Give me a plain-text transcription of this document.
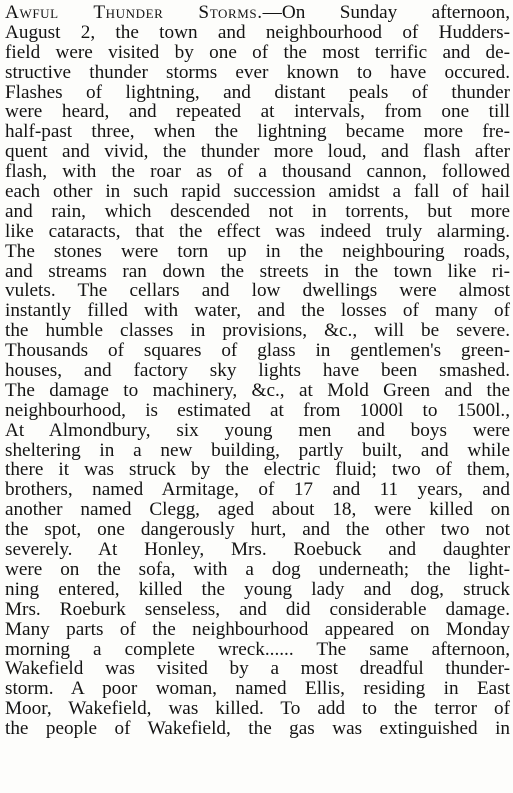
Awful Thunder Storms.—On Sunday afternoon,
August 2, the town and neighbourhood of Hudders-
field were visited by one of the most terrific and de-
structive thunder storms ever known to have occured.
Flashes of lightning, and distant peals of thunder
were heard, and repeated at intervals, from one till
half-past three, when the lightning became more fre-
quent and vivid, the thunder more loud, and flash after
flash, with the roar as of a thousand cannon, followed
each other in such rapid succession amidst a fall of hail
and rain, which descended not in torrents, but more
like cataracts, that the effect was indeed truly alarming.
The stones were torn up in the neighbouring roads,
and streams ran down the streets in the town like ri-
vulets. The cellars and low dwellings were almost
instantly filled with water, and the losses of many of
the humble classes in provisions, &c., will be severe.
Thousands of squares of glass in gentlemen's green-
houses, and factory sky lights have been smashed.
The damage to machinery, &c., at Mold Green and the
neighbourhood, is estimated at from 1000l to 1500l.,
At Almondbury, six young men and boys were
sheltering in a new building, partly built, and while
there it was struck by the electric fluid; two of them,
brothers, named Armitage, of 17 and 11 years, and
another named Clegg, aged about 18, were killed on
the spot, one dangerously hurt, and the other two not
severely. At Honley, Mrs. Roebuck and daughter
were on the sofa, with a dog underneath; the light-
ning entered, killed the young lady and dog, struck
Mrs. Roeburk senseless, and did considerable damage.
Many parts of the neighbourhood appeared on Monday
morning a complete wreck...... The same afternoon,
Wakefield was visited by a most dreadful thunder-
storm. A poor woman, named Ellis, residing in East
Moor, Wakefield, was killed. To add to the terror of
the people of Wakefield, the gas was extinguished in
